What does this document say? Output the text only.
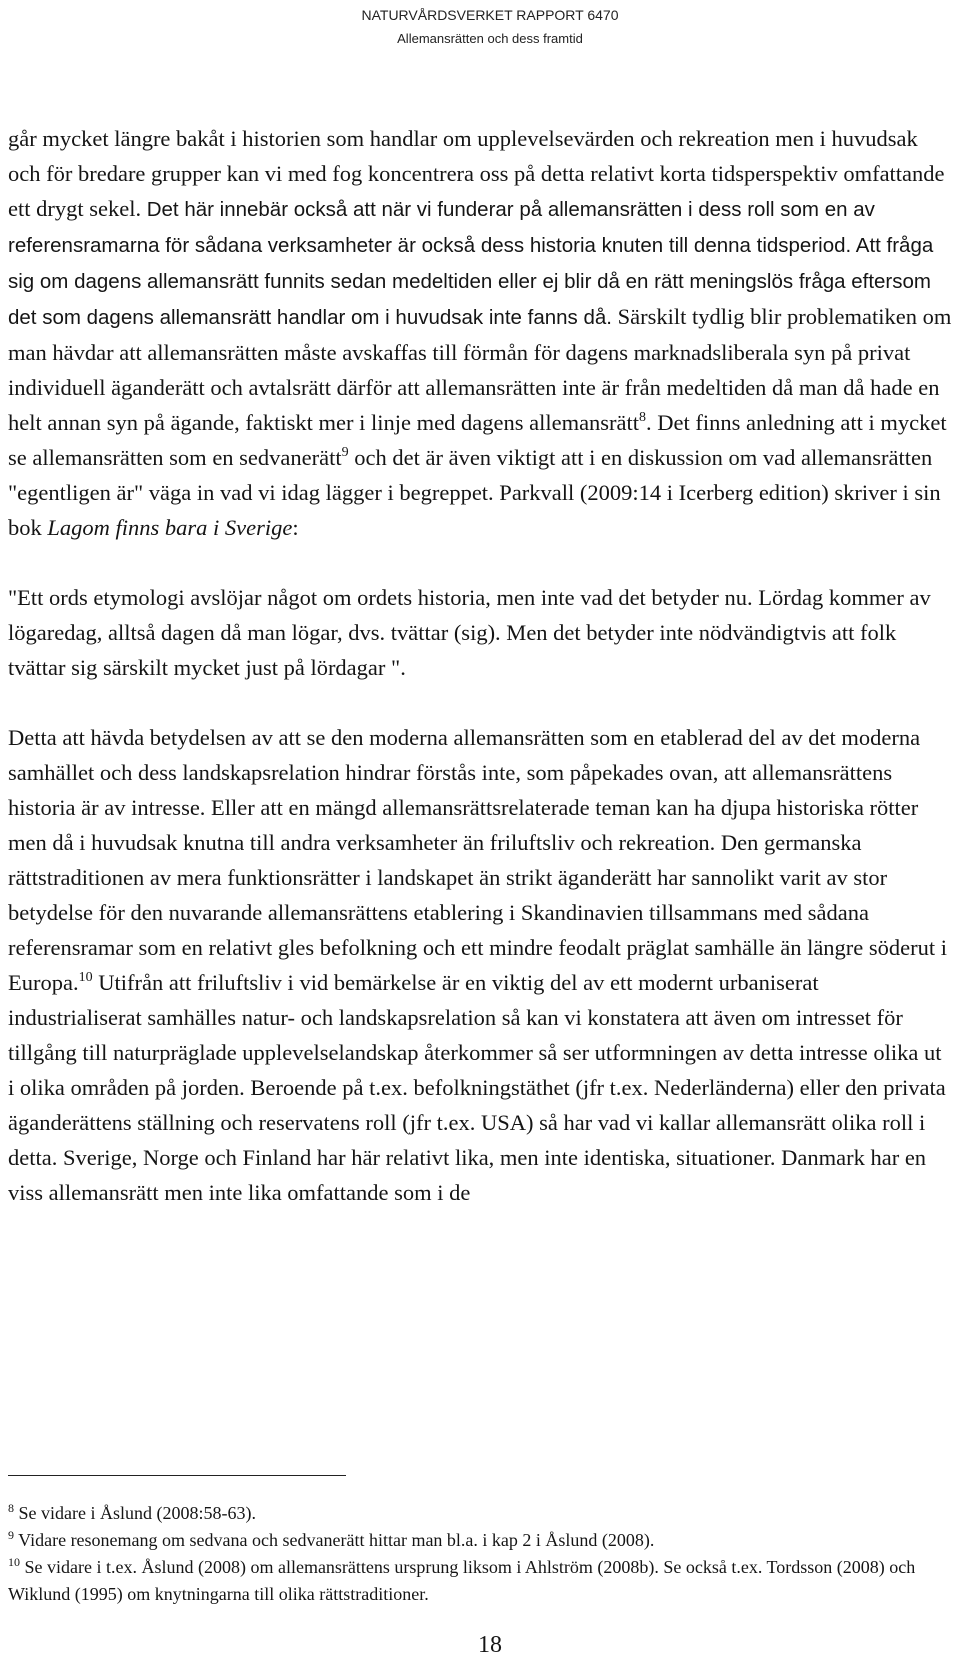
NATURVÅRDSVERKET RAPPORT 6470
Allemansrätten och dess framtid

går mycket längre bakåt i historien som handlar om upplevelsevärden och rekreation men i huvudsak och för bredare grupper kan vi med fog koncentrera oss på detta relativt korta tidsperspektiv omfattande ett drygt sekel. Det här innebär också att när vi funderar på allemansrätten i dess roll som en av referensramarna för sådana verksamheter är också dess historia knuten till denna tidsperiod. Att fråga sig om dagens allemansrätt funnits sedan medeltiden eller ej blir då en rätt meningslös fråga eftersom det som dagens allemansrätt handlar om i huvudsak inte fanns då. Särskilt tydlig blir problematiken om man hävdar att allemansrätten måste avskaffas till förmån för dagens marknadsliberala syn på privat individuell äganderätt och avtalsrätt därför att allemansrätten inte är från medeltiden då man då hade en helt annan syn på ägande, faktiskt mer i linje med dagens allemansrätt$^8$. Det finns anledning att i mycket se allemansrätten som en sedvanerätt$^9$ och det är även viktigt att i en diskussion om vad allemansrätten "egentligen är" väga in vad vi idag lägger i begreppet. Parkvall (2009:14 i Icerberg edition) skriver i sin bok Lagom finns bara i Sverige:

"Ett ords etymologi avslöjar något om ordets historia, men inte vad det betyder nu. Lördag kommer av lögaredag, alltså dagen då man lögar, dvs. tvättar (sig). Men det betyder inte nödvändigtvis att folk tvättar sig särskilt mycket just på lördagar ".

Detta att hävda betydelsen av att se den moderna allemansrätten som en etablerad del av det moderna samhället och dess landskapsrelation hindrar förstås inte, som påpekades ovan, att allemansrättens historia är av intresse. Eller att en mängd allemansrättsrelaterade teman kan ha djupa historiska rötter men då i huvudsak knutna till andra verksamheter än friluftsliv och rekreation. Den germanska rättstraditionen av mera funktionsrätter i landskapet än strikt äganderätt har sannolikt varit av stor betydelse för den nuvarande allemansrättens etablering i Skandinavien tillsammans med sådana referensramar som en relativt gles befolkning och ett mindre feodalt präglat samhälle än längre söderut i Europa.$^{10}$ Utifrån att friluftsliv i vid bemärkelse är en viktig del av ett modernt urbaniserat industrialiserat samhälles natur- och landskapsrelation så kan vi konstatera att även om intresset för tillgång till naturpräglade upplevelselandskap återkommer så ser utformningen av detta intresse olika ut i olika områden på jorden. Beroende på t.ex. befolkningstäthet (jfr t.ex. Nederländerna) eller den privata äganderättens ställning och reservatens roll (jfr t.ex. USA) så har vad vi kallar allemansrätt olika roll i detta. Sverige, Norge och Finland har här relativt lika, men inte identiska, situationer. Danmark har en viss allemansrätt men inte lika omfattande som i de

$^8$ Se vidare i Åslund (2008:58-63).

$^9$ Vidare resonemang om sedvana och sedvanerätt hittar man bl.a. i kap 2 i Åslund (2008).

$^{10}$ Se vidare i t.ex. Åslund (2008) om allemansrättens ursprung liksom i Ahlström (2008b). Se också t.ex. Tordsson (2008) och Wiklund (1995) om knytningarna till olika rättstraditioner.

18
